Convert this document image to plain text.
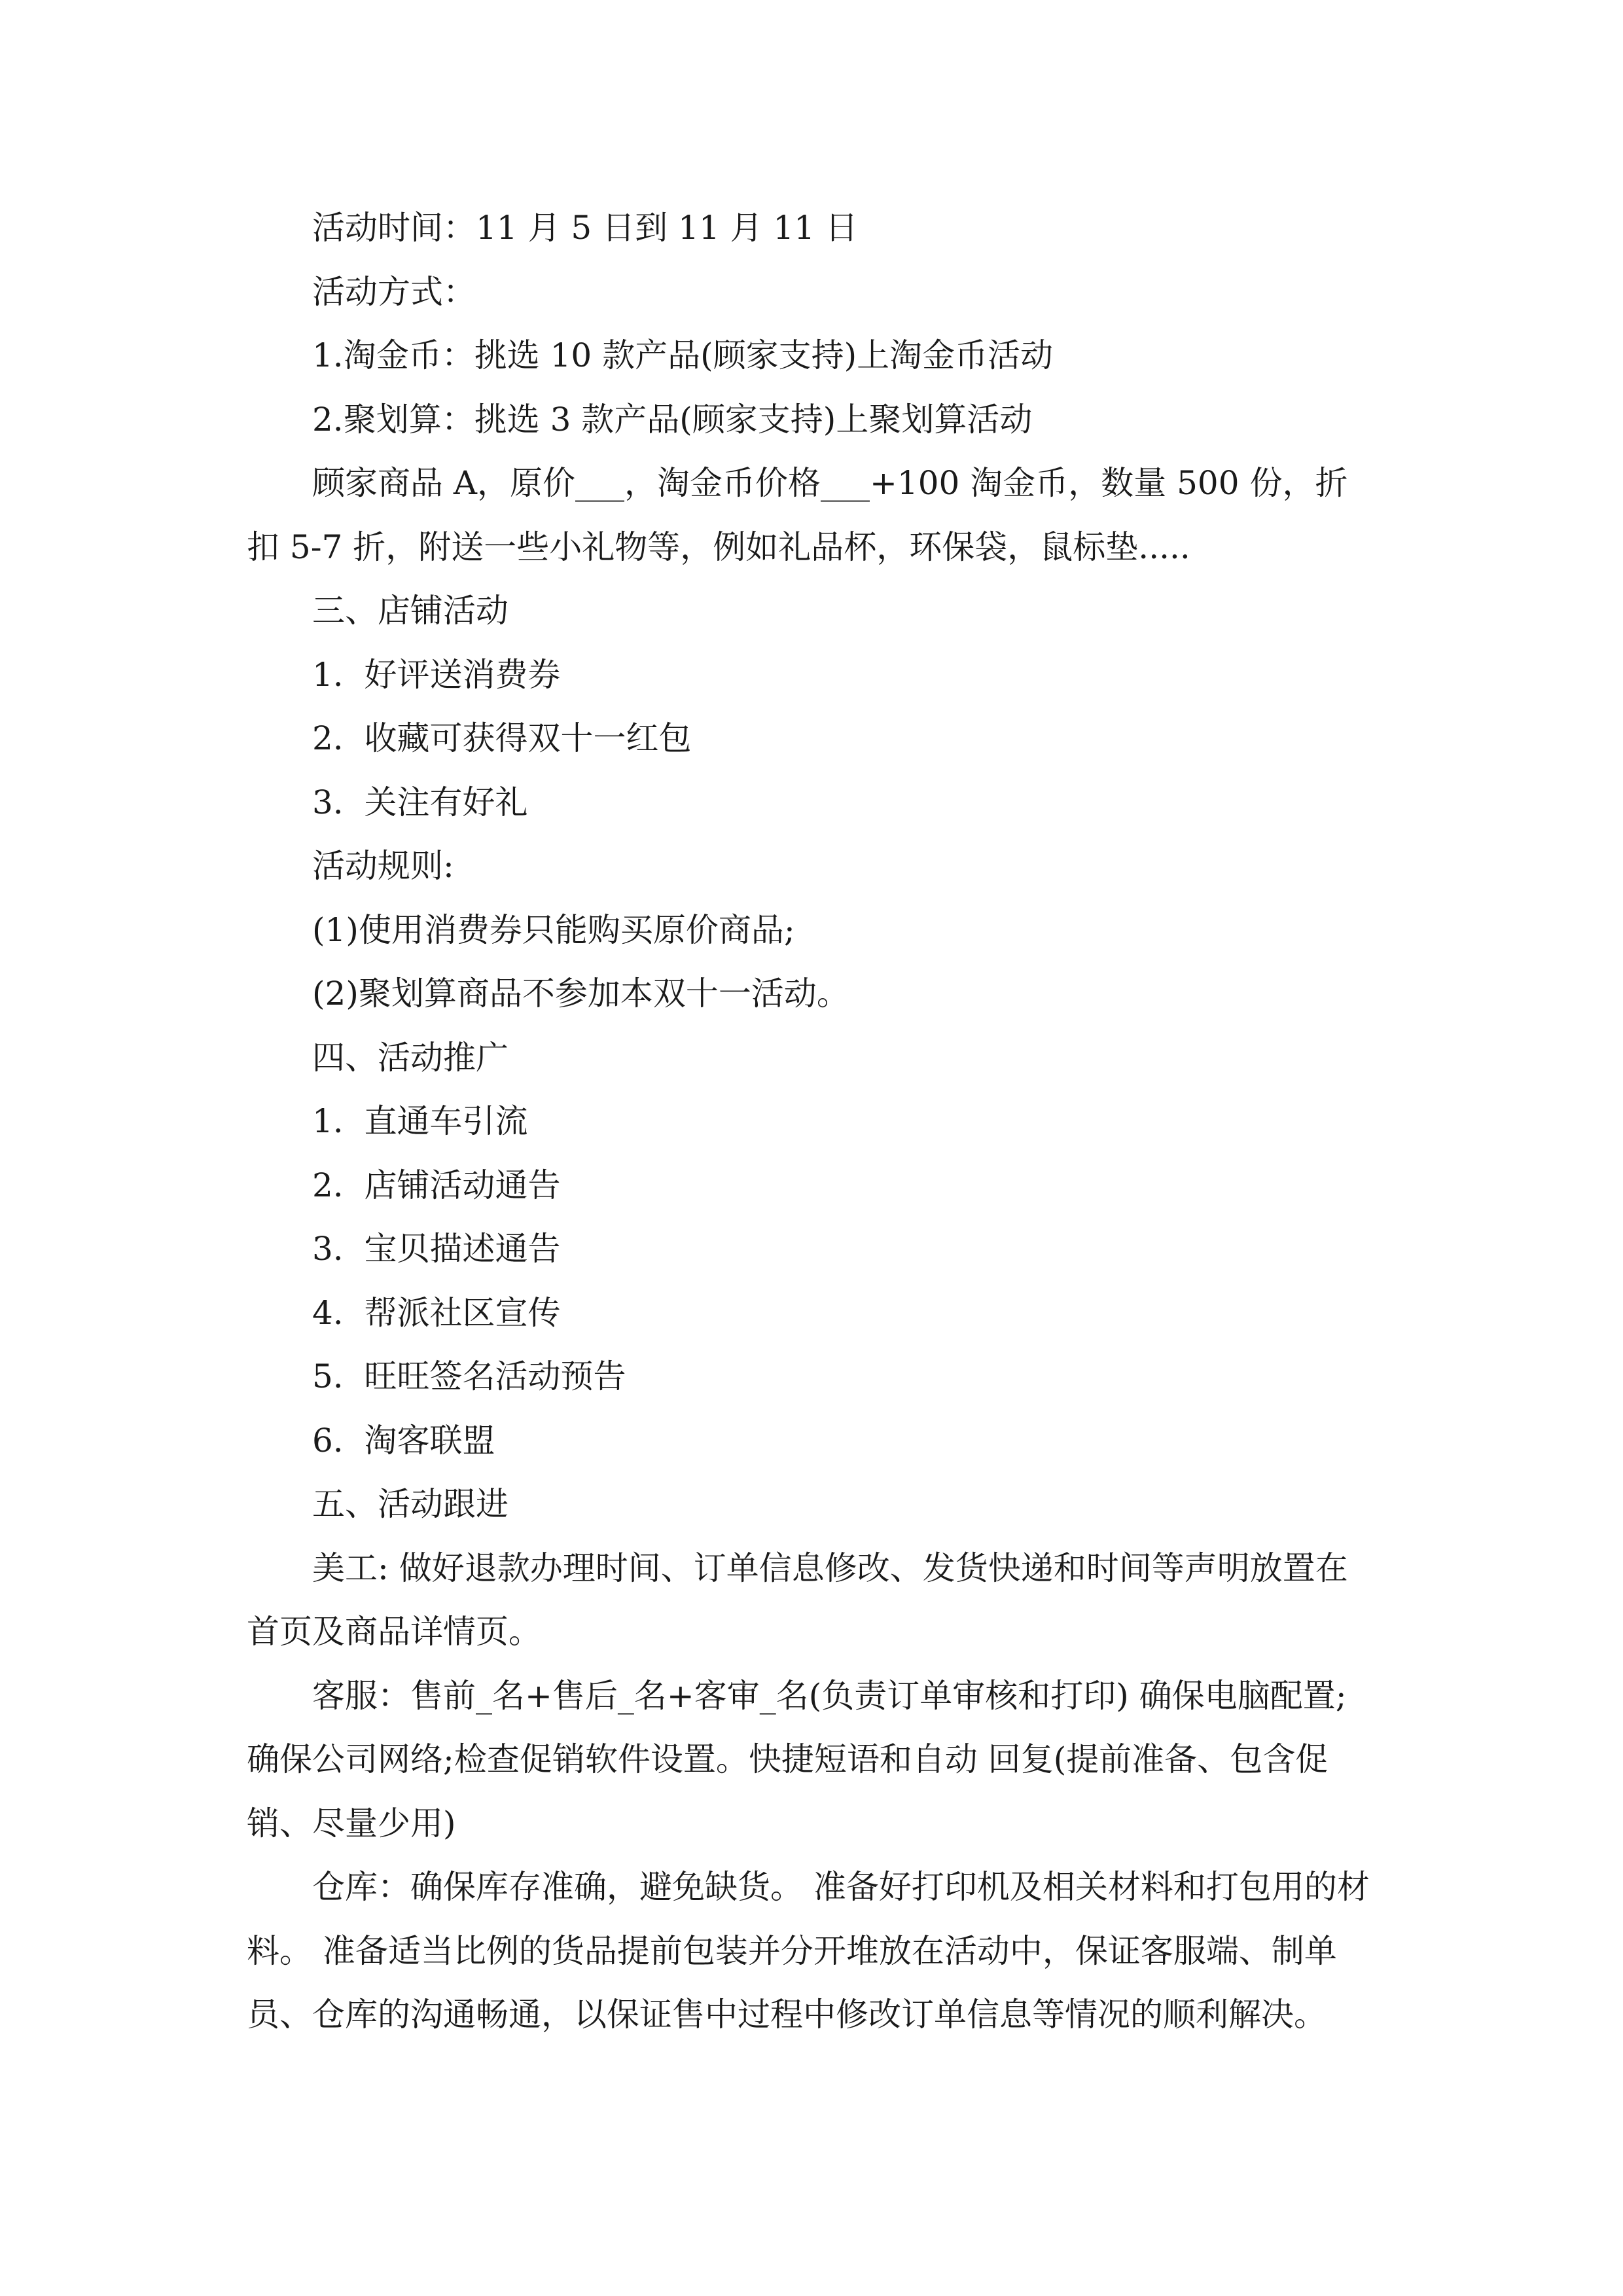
活动时间：11 月 5 日到 11 月 11 日

活动方式：

1.淘金币：挑选 10 款产品(顾家支持)上淘金币活动

2.聚划算：挑选 3 款产品(顾家支持)上聚划算活动

顾家商品 A，原价___，淘金币价格___+100 淘金币，数量 500 份，折扣 5-7 折，附送一些小礼物等，例如礼品杯，环保袋，鼠标垫.....

三、店铺活动

1.  好评送消费券

2.  收藏可获得双十一红包

3.  关注有好礼

活动规则:

(1)使用消费券只能购买原价商品;

(2)聚划算商品不参加本双十一活动。

四、活动推广

1.  直通车引流

2.  店铺活动通告

3.  宝贝描述通告

4.  帮派社区宣传

5.  旺旺签名活动预告

6.  淘客联盟

五、活动跟进

美工: 做好退款办理时间、订单信息修改、发货快递和时间等声明放置在首页及商品详情页。

客服：售前_名+售后_名+客审_名(负责订单审核和打印) 确保电脑配置;确保公司网络;检查促销软件设置。快捷短语和自动 回复(提前准备、包含促销、尽量少用)

仓库：确保库存准确，避免缺货。 准备好打印机及相关材料和打包用的材料。 准备适当比例的货品提前包装并分开堆放在活动中，保证客服端、制单员、仓库的沟通畅通，以保证售中过程中修改订单信息等情况的顺利解决。
